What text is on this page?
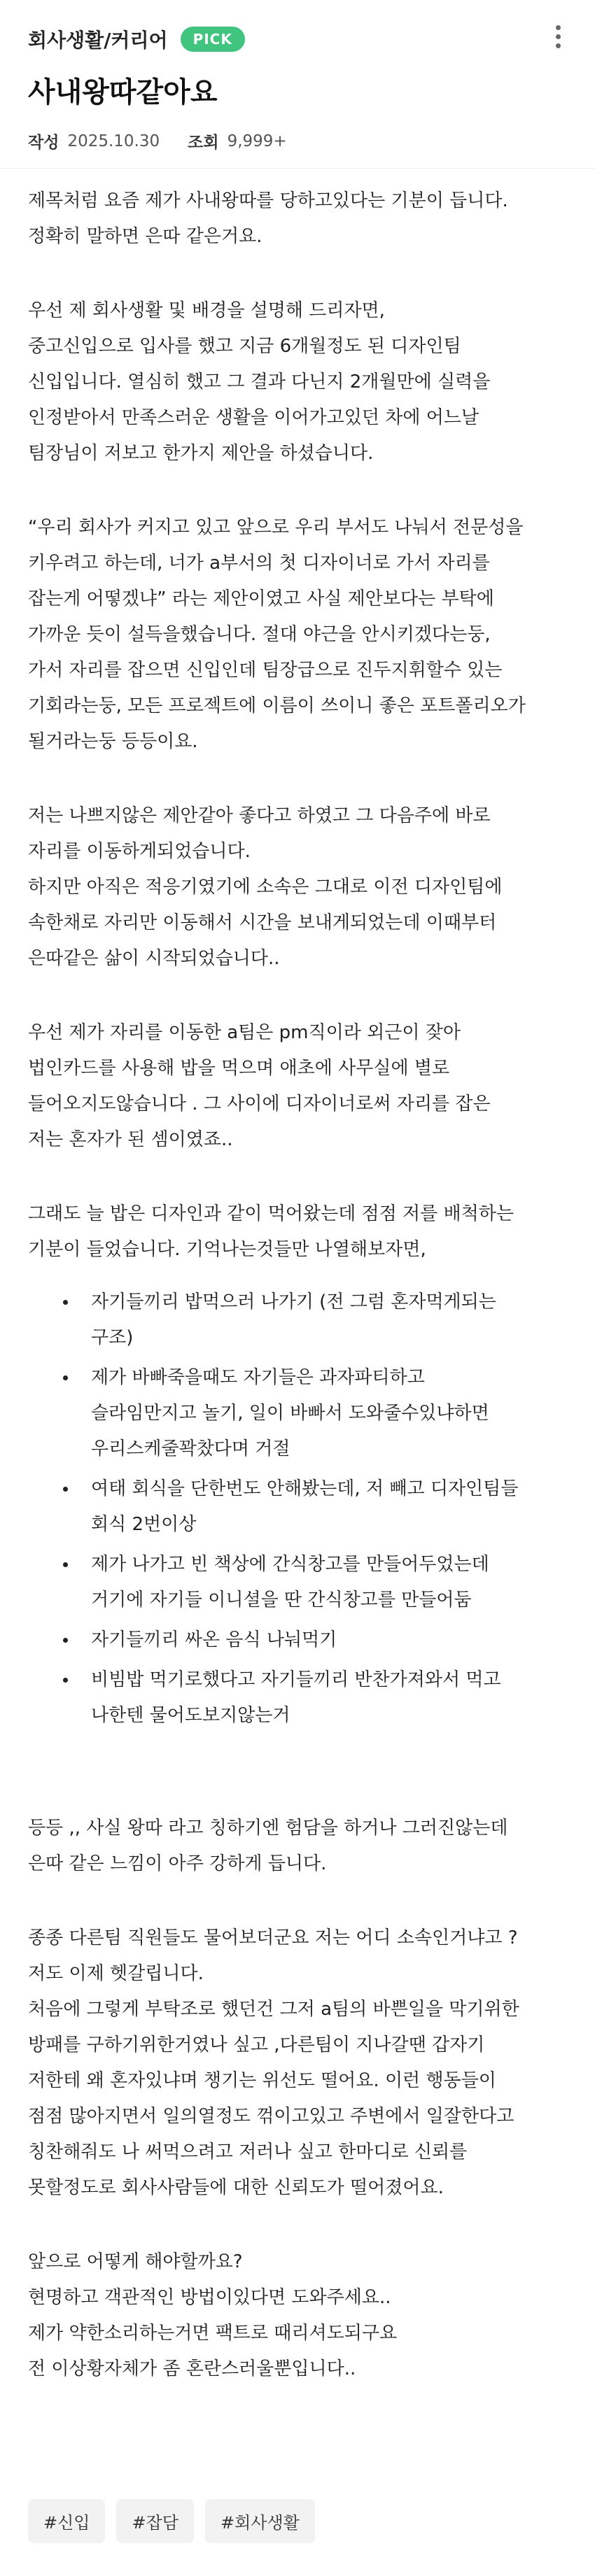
회사생활/커리어	PICK
사내왕따같아요
작성 2025.10.30 조회 9,999+

제목처럼 요즘 제가 사내왕따를 당하고있다는 기분이 듭니다.
정확히 말하면 은따 같은거요.

우선 제 회사생활 및 배경을 설명해 드리자면,
중고신입으로 입사를 했고 지금 6개월정도 된 디자인팀
신입입니다. 열심히 했고 그 결과 다닌지 2개월만에 실력을
인정받아서 만족스러운 생활을 이어가고있던 차에 어느날
팀장님이 저보고 한가지 제안을 하셨습니다.

“우리 회사가 커지고 있고 앞으로 우리 부서도 나눠서 전문성을
키우려고 하는데, 너가 a부서의 첫 디자이너로 가서 자리를
잡는게 어떻겠냐” 라는 제안이였고 사실 제안보다는 부탁에
가까운 듯이 설득을했습니다. 절대 야근을 안시키겠다는둥,
가서 자리를 잡으면 신입인데 팀장급으로 진두지휘할수 있는
기회라는둥, 모든 프로젝트에 이름이 쓰이니 좋은 포트폴리오가
될거라는둥 등등이요.

저는 나쁘지않은 제안같아 좋다고 하였고 그 다음주에 바로
자리를 이동하게되었습니다.
하지만 아직은 적응기였기에 소속은 그대로 이전 디자인팀에
속한채로 자리만 이동해서 시간을 보내게되었는데 이때부터
은따같은 삶이 시작되었습니다..

우선 제가 자리를 이동한 a팀은 pm직이라 외근이 잦아
법인카드를 사용해 밥을 먹으며 애초에 사무실에 별로
들어오지도않습니다 . 그 사이에 디자이너로써 자리를 잡은
저는 혼자가 된 셈이였죠..

그래도 늘 밥은 디자인과 같이 먹어왔는데 점점 저를 배척하는
기분이 들었습니다. 기억나는것들만 나열해보자면,

자기들끼리 밥먹으러 나가기 (전 그럼 혼자먹게되는
구조)
제가 바빠죽을때도 자기들은 과자파티하고
슬라임만지고 놀기, 일이 바빠서 도와줄수있냐하면
우리스케줄꽉찼다며 거절
여태 회식을 단한번도 안해봤는데, 저 빼고 디자인팀들
회식 2번이상
제가 나가고 빈 책상에 간식창고를 만들어두었는데
거기에 자기들 이니셜을 딴 간식창고를 만들어둠
자기들끼리 싸온 음식 나눠먹기
비빔밥 먹기로했다고 자기들끼리 반찬가져와서 먹고
나한텐 물어도보지않는거

등등 ,, 사실 왕따 라고 칭하기엔 험담을 하거나 그러진않는데
은따 같은 느낌이 아주 강하게 듭니다.

종종 다른팀 직원들도 물어보더군요 저는 어디 소속인거냐고 ?
저도 이제 헷갈립니다.
처음에 그렇게 부탁조로 했던건 그저 a팀의 바쁜일을 막기위한
방패를 구하기위한거였나 싶고 ,다른팀이 지나갈땐 갑자기
저한테 왜 혼자있냐며 챙기는 위선도 떨어요. 이런 행동들이
점점 많아지면서 일의열정도 꺾이고있고 주변에서 일잘한다고
칭찬해줘도 나 써먹으려고 저러나 싶고 한마디로 신뢰를
못할정도로 회사사람들에 대한 신뢰도가 떨어졌어요.

앞으로 어떻게 해야할까요?
현명하고 객관적인 방법이있다면 도와주세요..
제가 약한소리하는거면 팩트로 때리셔도되구요
전 이상황자체가 좀 혼란스러울뿐입니다..

#신입	#잡담	#회사생활
